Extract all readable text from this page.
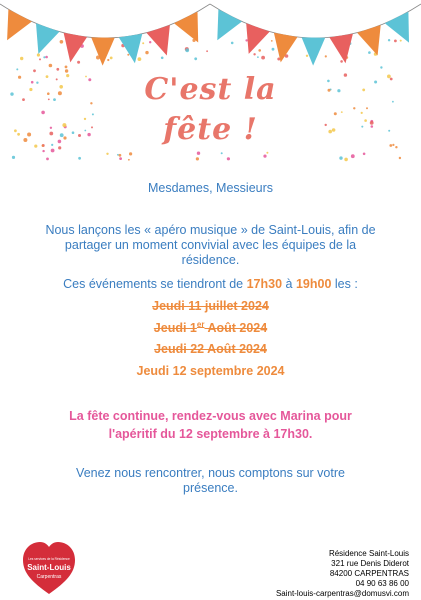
C'est la
fête !

Mesdames, Messieurs

Nous lançons les « apéro musique » de Saint-Louis, afin de partager un moment convivial avec les équipes de la résidence.

Ces événements se tiendront de 17h30 à 19h00 les :

Jeudi 11 juillet 2024

Jeudi 1er Août 2024

Jeudi 22 Août 2024

Jeudi 12 septembre 2024

La fête continue, rendez-vous avec Marina pour

l'apéritif du 12 septembre à 17h30.

Venez nous rencontrer, nous comptons sur votre présence.

Les services de la Résidence
Saint-Louis
Carpentras
Résidence Saint-Louis
321 rue Denis Diderot
84200 CARPENTRAS
04 90 63 86 00
Saint-louis-carpentras@domusvi.com
